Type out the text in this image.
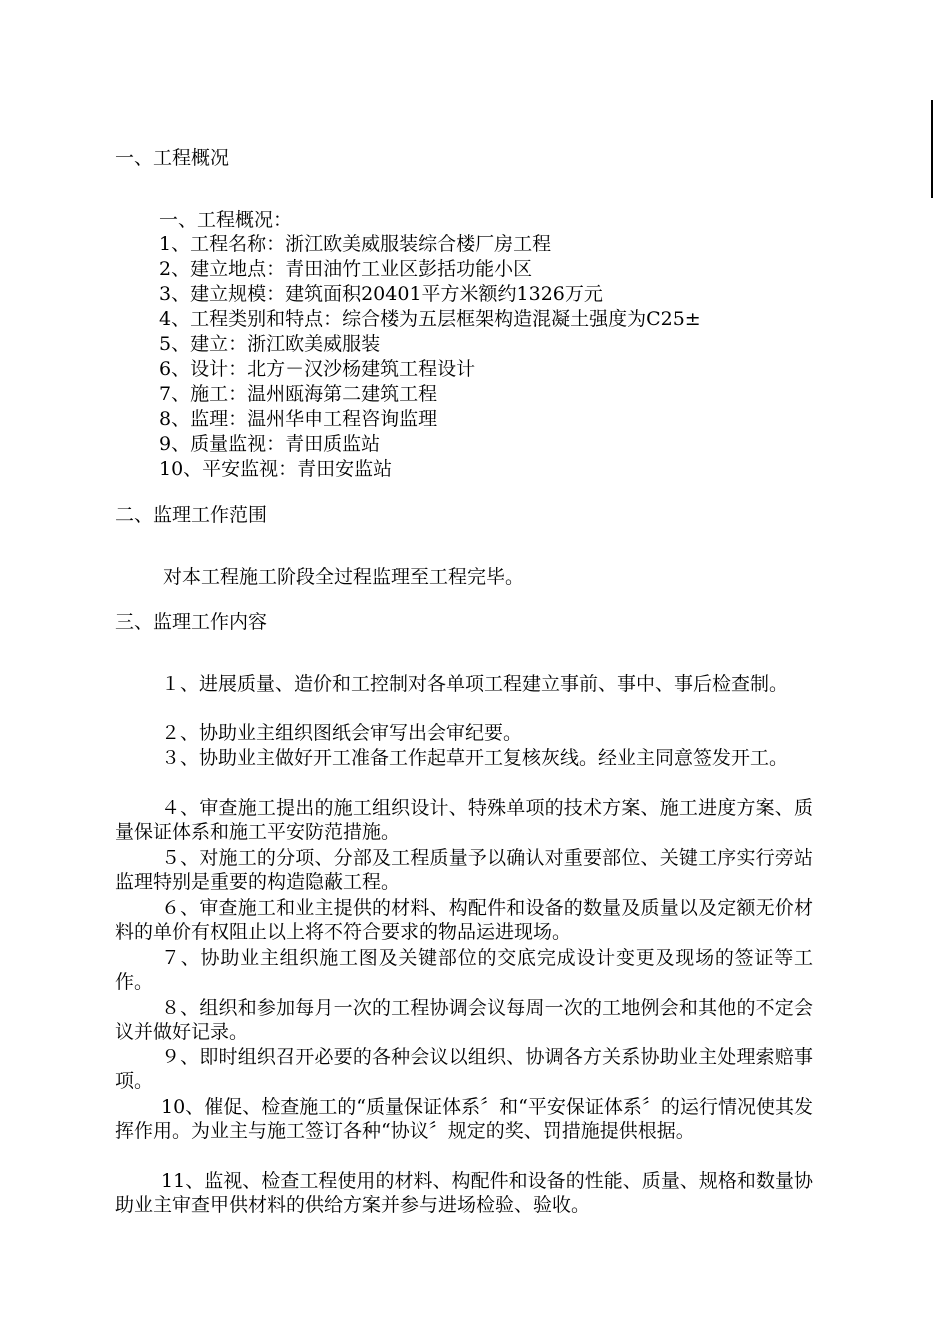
一、工程概况
一、工程概况：
1、工程名称：浙江欧美威服装综合楼厂房工程
2、建立地点：青田油竹工业区彭括功能小区
3、建立规模：建筑面积20401平方米额约1326万元
4、工程类别和特点：综合楼为五层框架构造混凝土强度为C25±
5、建立：浙江欧美威服装
6、设计：北方－汉沙杨建筑工程设计
7、施工：温州瓯海第二建筑工程
8、监理：温州华申工程咨询监理
9、质量监视：青田质监站
10、平安监视：青田安监站
二、监理工作范围
对本工程施工阶段全过程监理至工程完毕。
三、监理工作内容
１、进展质量、造价和工控制对各单项工程建立事前、事中、事后检查制。
２、协助业主组织图纸会审写出会审纪要。
３、协助业主做好开工准备工作起草开工复核灰线。经业主同意签发开工。
４、审查施工提出的施工组织设计、特殊单项的技术方案、施工进度方案、质量保证体系和施工平安防范措施。
５、对施工的分项、分部及工程质量予以确认对重要部位、关键工序实行旁站监理特别是重要的构造隐蔽工程。
６、审查施工和业主提供的材料、构配件和设备的数量及质量以及定额无价材料的单价有权阻止以上将不符合要求的物品运进现场。
７、协助业主组织施工图及关键部位的交底完成设计变更及现场的签证等工作。
８、组织和参加每月一次的工程协调会议每周一次的工地例会和其他的不定会议并做好记录。
９、即时组织召开必要的各种会议以组织、协调各方关系协助业主处理索赔事项。
10、催促、检查施工的“质量保证体系〞和“平安保证体系〞的运行情况使其发挥作用。为业主与施工签订各种“协议〞规定的奖、罚措施提供根据。
11、监视、检查工程使用的材料、构配件和设备的性能、质量、规格和数量协助业主审查甲供材料的供给方案并参与进场检验、验收。
